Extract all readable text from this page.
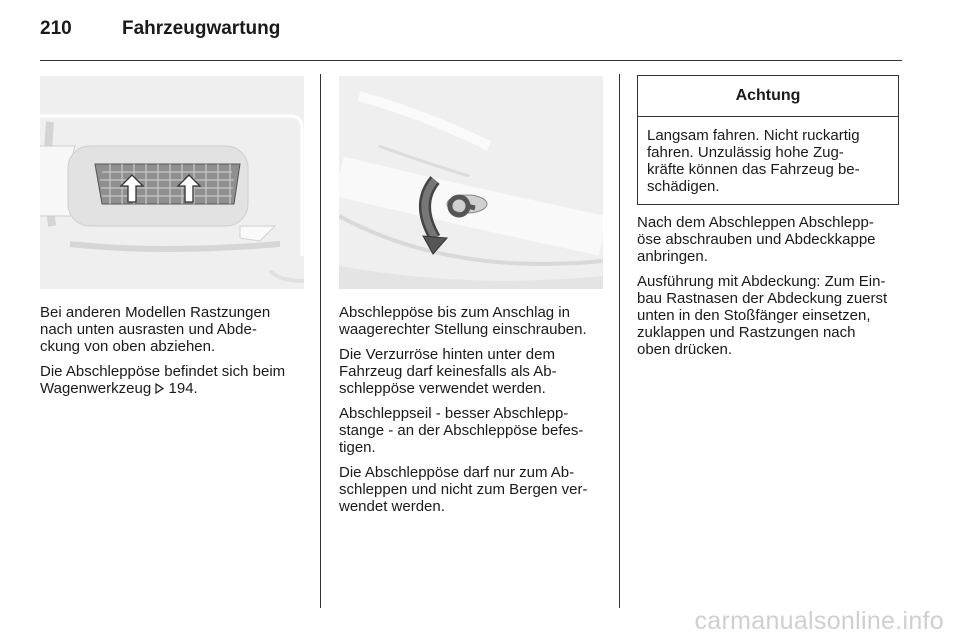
210	Fahrzeugwartung

Bei anderen Modellen Rastzungen
nach unten ausrasten und Abde-
ckung von oben abziehen.

Die Abschleppöse befindet sich beim
Wagenwerkzeug  194.

Abschleppöse bis zum Anschlag in
waagerechter Stellung einschrauben.

Die Verzurröse hinten unter dem
Fahrzeug darf keinesfalls als Ab-
schleppöse verwendet werden.

Abschleppseil - besser Abschlepp-
stange - an der Abschleppöse befes-
tigen.

Die Abschleppöse darf nur zum Ab-
schleppen und nicht zum Bergen ver-
wendet werden.

Achtung
Langsam fahren. Nicht ruckartig
fahren. Unzulässig hohe Zug-
kräfte können das Fahrzeug be-
schädigen.

Nach dem Abschleppen Abschlepp-
öse abschrauben und Abdeckkappe
anbringen.

Ausführung mit Abdeckung: Zum Ein-
bau Rastnasen der Abdeckung zuerst
unten in den Stoßfänger einsetzen,
zuklappen und Rastzungen nach
oben drücken.

carmanualsonline.info
